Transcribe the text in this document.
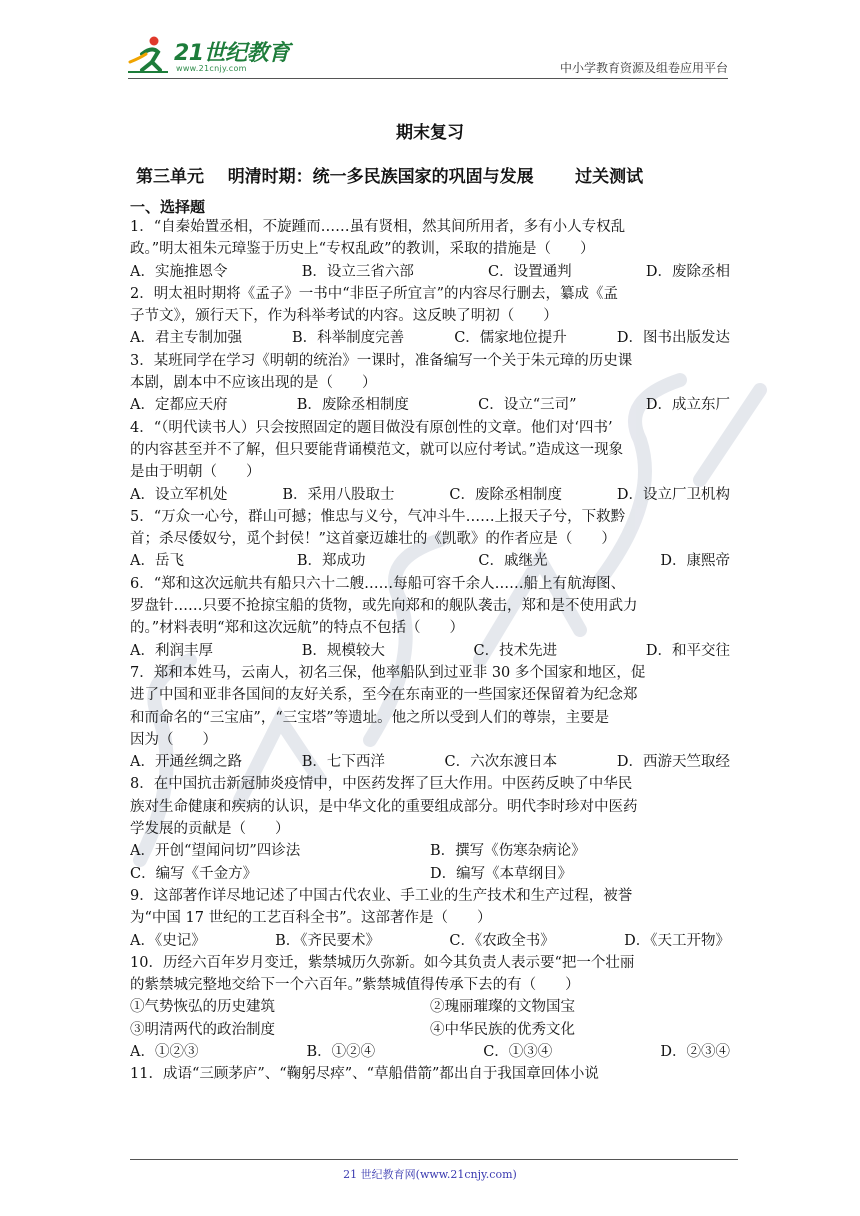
21世纪教育
www.21cnjy.com	中小学教育资源及组卷应用平台
期末复习
第三单元 明清时期：统一多民族国家的巩固与发展 过关测试
一、选择题
1．“自秦始置丞相，不旋踵而……虽有贤相，然其间所用者，多有小人专权乱
政。”明太祖朱元璋鉴于历史上“专权乱政”的教训，采取的措施是（　　）
A．实施推恩令	B．设立三省六部	C．设置通判	D．废除丞相
2．明太祖时期将《孟子》一书中“非臣子所宜言”的内容尽行删去，纂成《孟
子节文》，颁行天下，作为科举考试的内容。这反映了明初（　　）
A．君主专制加强	B．科举制度完善	C．儒家地位提升	D．图书出版发达
3．某班同学在学习《明朝的统治》一课时，准备编写一个关于朱元璋的历史课
本剧，剧本中不应该出现的是（　　）
A．定都应天府	B．废除丞相制度	C．设立“三司”	D．成立东厂
4．“（明代读书人）只会按照固定的题目做没有原创性的文章。他们对‘四书’
的内容甚至并不了解，但只要能背诵模范文，就可以应付考试。”造成这一现象
是由于明朝（　　）
A．设立军机处	B．采用八股取士	C．废除丞相制度	D．设立厂卫机构
5．“万众一心兮，群山可撼；惟忠与义兮，气冲斗牛……上报天子兮，下救黔
首；杀尽倭奴兮，觅个封侯！”这首豪迈雄壮的《凯歌》的作者应是（　　）
A．岳飞	B．郑成功	C．戚继光	D．康熙帝
6．“郑和这次远航共有船只六十二艘……每船可容千余人……船上有航海图、
罗盘针……只要不抢掠宝船的货物，或先向郑和的舰队袭击，郑和是不使用武力
的。”材料表明“郑和这次远航”的特点不包括（　　）
A．利润丰厚	B．规模较大	C．技术先进	D．和平交往
7．郑和本姓马，云南人，初名三保，他率船队到过亚非 30 多个国家和地区，促
进了中国和亚非各国间的友好关系，至今在东南亚的一些国家还保留着为纪念郑
和而命名的“三宝庙”，“三宝塔”等遗址。他之所以受到人们的尊崇，主要是
因为（　　）
A．开通丝绸之路	B．七下西洋	C．六次东渡日本	D．西游天竺取经
8．在中国抗击新冠肺炎疫情中，中医药发挥了巨大作用。中医药反映了中华民
族对生命健康和疾病的认识，是中华文化的重要组成部分。明代李时珍对中医药
学发展的贡献是（　　）
A．开创“望闻问切”四诊法	B．撰写《伤寒杂病论》
C．编写《千金方》	D．编写《本草纲目》
9．这部著作详尽地记述了中国古代农业、手工业的生产技术和生产过程，被誉
为“中国 17 世纪的工艺百科全书”。这部著作是（　　）
A．《史记》	B．《齐民要术》	C．《农政全书》	D．《天工开物》
10．历经六百年岁月变迁，紫禁城历久弥新。如今其负责人表示要“把一个壮丽
的紫禁城完整地交给下一个六百年。”紫禁城值得传承下去的有（　　）
①气势恢弘的历史建筑	②瑰丽璀璨的文物国宝
③明清两代的政治制度	④中华民族的优秀文化
A．①②③	B．①②④	C．①③④	D．②③④
11．成语“三顾茅庐”、“鞠躬尽瘁”、“草船借箭”都出自于我国章回体小说
21 世纪教育网(www.21cnjy.com)
